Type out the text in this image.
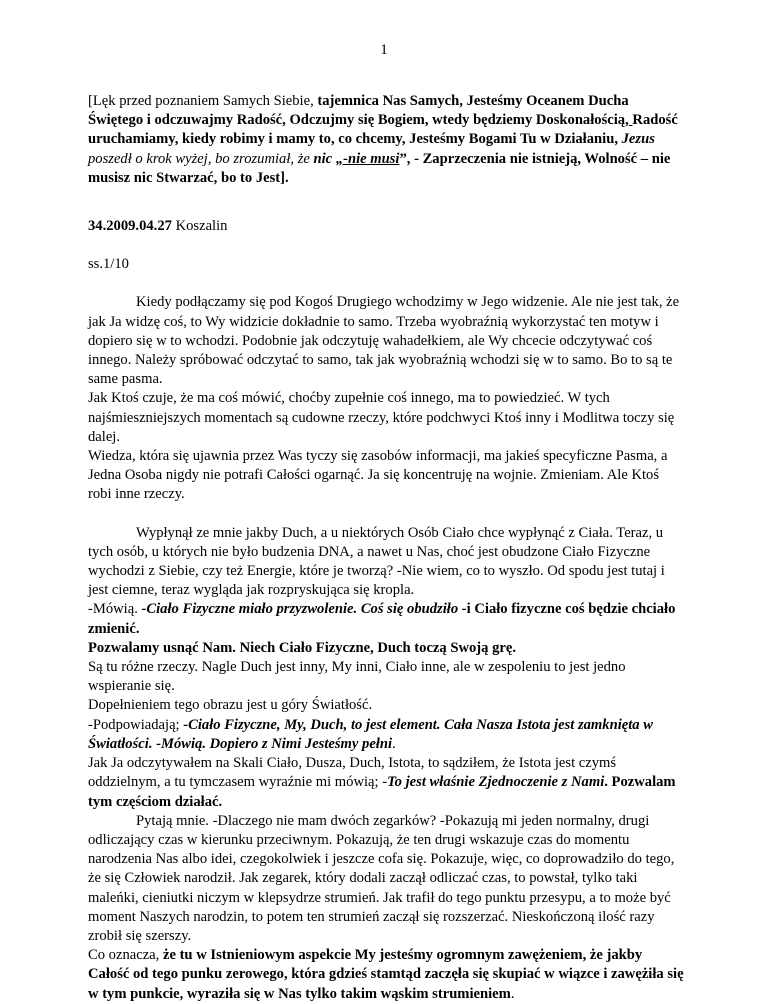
1

[Lęk przed poznaniem Samych Siebie, tajemnica Nas Samych, Jesteśmy Oceanem Ducha Świętego i odczuwajmy Radość, Odczujmy się Bogiem, wtedy będziemy Doskonałością, Radość uruchamiamy, kiedy robimy i mamy to, co chcemy, Jesteśmy Bogami Tu w Działaniu, Jezus poszedł o krok wyżej, bo zrozumiał, że nic „-nie musi”, - Zaprzeczenia nie istnieją, Wolność – nie musisz nic Stwarzać, bo to Jest].

34.2009.04.27 Koszalin

ss.1/10

Kiedy podłączamy się pod Kogoś Drugiego wchodzimy w Jego widzenie. Ale nie jest tak, że jak Ja widzę coś, to Wy widzicie dokładnie to samo. Trzeba wyobraźnią wykorzystać ten motyw i dopiero się w to wchodzi. Podobnie jak odczytuję wahadełkiem, ale Wy chcecie odczytywać coś innego. Należy spróbować odczytać to samo, tak jak wyobraźnią wchodzi się w to samo. Bo to są te same pasma.

Jak Ktoś czuje, że ma coś mówić, choćby zupełnie coś innego, ma to powiedzieć. W tych najśmieszniejszych momentach są cudowne rzeczy, które podchwyci Ktoś inny i Modlitwa toczy się dalej.

Wiedza, która się ujawnia przez Was tyczy się zasobów informacji, ma jakieś specyficzne Pasma, a Jedna Osoba nigdy nie potrafi Całości ogarnąć. Ja się koncentruję na wojnie. Zmieniam. Ale Ktoś robi inne rzeczy.

Wypłynął ze mnie jakby Duch, a u niektórych Osób Ciało chce wypłynąć z Ciała. Teraz, u tych osób, u których nie było budzenia DNA, a nawet u Nas, choć jest obudzone Ciało Fizyczne wychodzi z Siebie, czy też Energie, które je tworzą? -Nie wiem, co to wyszło. Od spodu jest tutaj i jest ciemne, teraz wygląda jak rozpryskująca się kropla.

-Mówią. -Ciało Fizyczne miało przyzwolenie. Coś się obudziło -i Ciało fizyczne coś będzie chciało zmienić.

Pozwalamy usnąć Nam. Niech Ciało Fizyczne, Duch toczą Swoją grę.

Są tu różne rzeczy. Nagle Duch jest inny, My inni, Ciało inne, ale w zespoleniu to jest jedno wspieranie się.

Dopełnieniem tego obrazu jest u góry Światłość.

-Podpowiadają; -Ciało Fizyczne, My, Duch, to jest element. Cała Nasza Istota jest zamknięta w Światłości. -Mówią. Dopiero z Nimi Jesteśmy pełni.

Jak Ja odczytywałem na Skali Ciało, Dusza, Duch, Istota, to sądziłem, że Istota jest czymś oddzielnym, a tu tymczasem wyraźnie mi mówią; -To jest właśnie Zjednoczenie z Nami. Pozwalam tym częściom działać.

Pytają mnie. -Dlaczego nie mam dwóch zegarków? -Pokazują mi jeden normalny, drugi odliczający czas w kierunku przeciwnym. Pokazują, że ten drugi wskazuje czas do momentu narodzenia Nas albo idei, czegokolwiek i jeszcze cofa się. Pokazuje, więc, co doprowadziło do tego, że się Człowiek narodził. Jak zegarek, który dodali zaczął odliczać czas, to powstał, tylko taki maleńki, cieniutki niczym w klepsydrze strumień. Jak trafił do tego punktu przesypu, a to może być moment Naszych narodzin, to potem ten strumień zaczął się rozszerzać. Nieskończoną ilość razy zrobił się szerszy.

Co oznacza, że tu w Istnieniowym aspekcie My jesteśmy ogromnym zawężeniem, że jakby Całość od tego punku zerowego, która gdzieś stamtąd zaczęła się skupiać w wiązce i zawężiła się w tym punkcie, wyraziła się w Nas tylko takim wąskim strumieniem.
